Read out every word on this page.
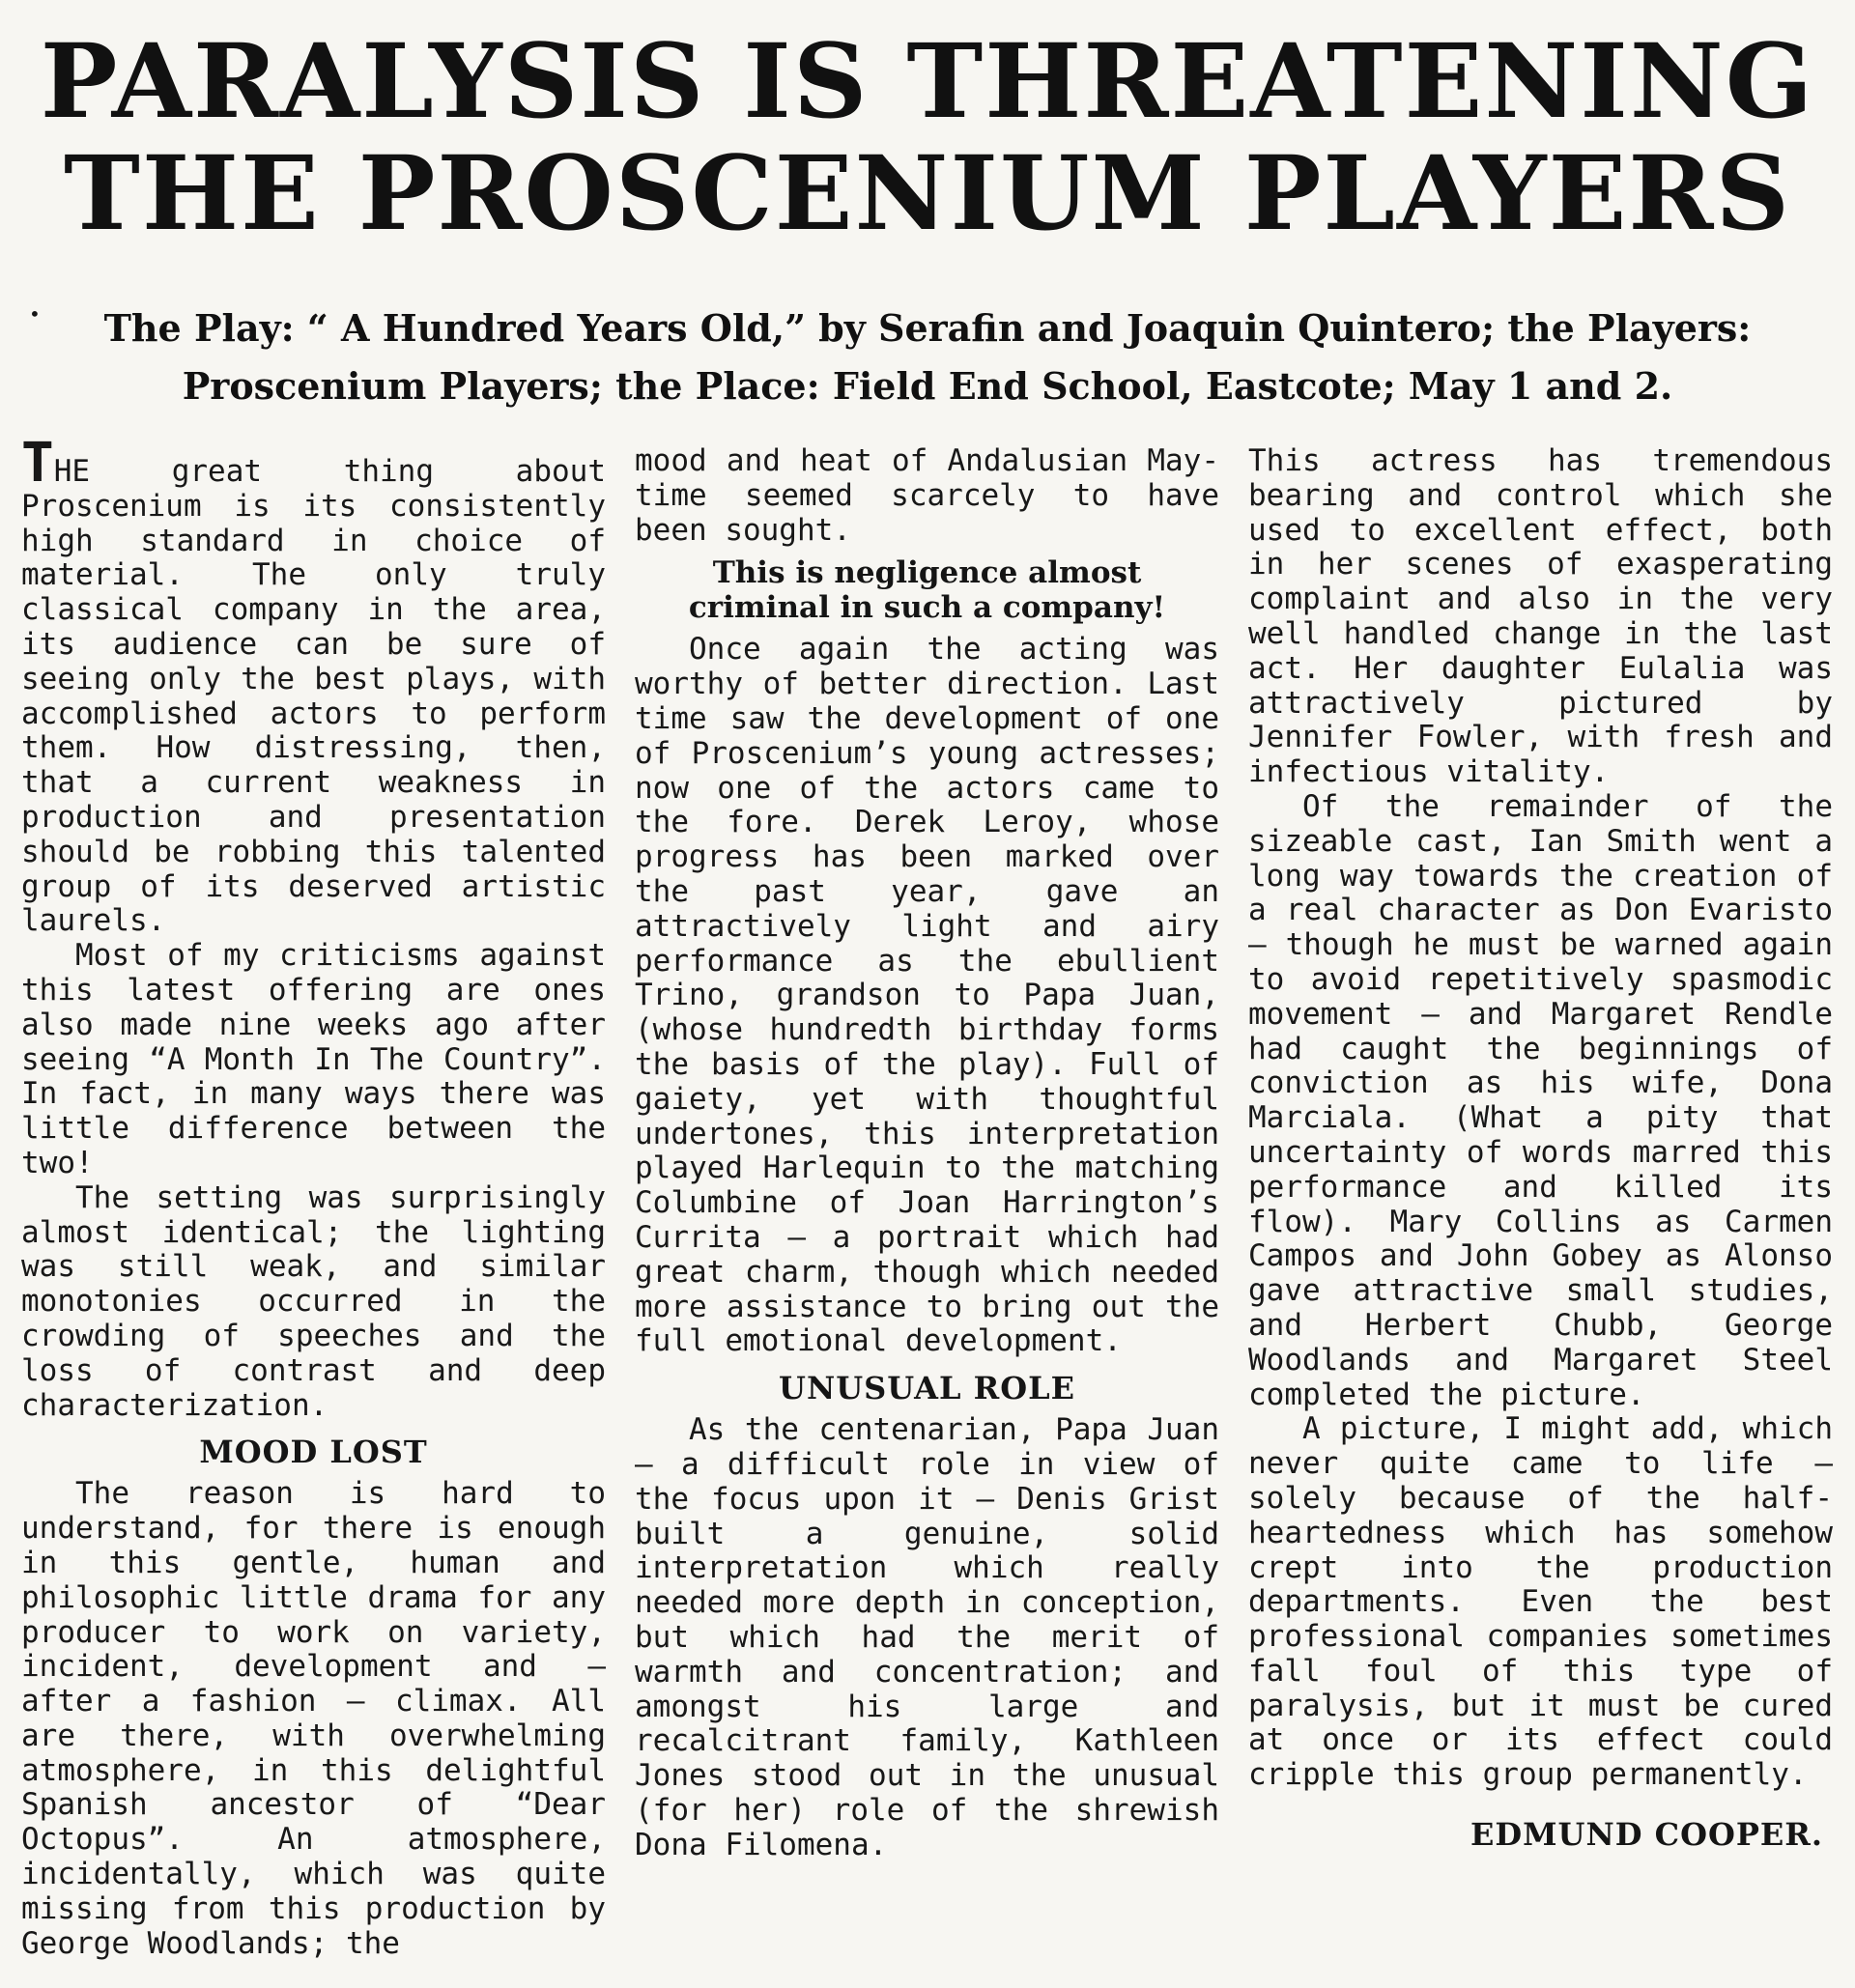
PARALYSIS IS THREATENING
THE PROSCENIUM PLAYERS
•	The Play: “ A Hundred Years Old,” by Serafin and Joaquin Quintero; the Players: Proscenium Players; the Place: Field End School, Eastcote; May 1 and 2.

THE great thing about Proscenium is its consistently high standard in choice of material. The only truly classical company in the area, its audience can be sure of seeing only the best plays, with accomplished actors to perform them. How distressing, then, that a current weakness in production and presentation should be robbing this talented group of its deserved artistic laurels.

Most of my criticisms against this latest offering are ones also made nine weeks ago after seeing “A Month In The Country”. In fact, in many ways there was little difference between the two!

The setting was surprisingly almost identical; the lighting was still weak, and similar monotonies occurred in the crowding of speeches and the loss of contrast and deep characterization.

MOOD LOST

The reason is hard to understand, for there is enough in this gentle, human and philosophic little drama for any producer to work on variety, incident, development and — after a fashion — climax. All are there, with overwhelming atmosphere, in this delightful Spanish ancestor of “Dear Octopus”. An atmosphere, incidentally, which was quite missing from this production by George Woodlands; the

mood and heat of Andalusian May-time seemed scarcely to have been sought.

This is negligence almost criminal in such a company!

Once again the acting was worthy of better direction. Last time saw the development of one of Proscenium’s young actresses; now one of the actors came to the fore. Derek Leroy, whose progress has been marked over the past year, gave an attractively light and airy performance as the ebullient Trino, grandson to Papa Juan, (whose hundredth birthday forms the basis of the play). Full of gaiety, yet with thoughtful undertones, this interpretation played Harlequin to the matching Columbine of Joan Harrington’s Currita — a portrait which had great charm, though which needed more assistance to bring out the full emotional development.

UNUSUAL ROLE

As the centenarian, Papa Juan — a difficult role in view of the focus upon it — Denis Grist built a genuine, solid interpretation which really needed more depth in conception, but which had the merit of warmth and concentration; and amongst his large and recalcitrant family, Kathleen Jones stood out in the unusual (for her) role of the shrewish Dona Filomena.

This actress has tremendous bearing and control which she used to excellent effect, both in her scenes of exasperating complaint and also in the very well handled change in the last act. Her daughter Eulalia was attractively pictured by Jennifer Fowler, with fresh and infectious vitality.

Of the remainder of the sizeable cast, Ian Smith went a long way towards the creation of a real character as Don Evaristo — though he must be warned again to avoid repetitively spasmodic movement — and Margaret Rendle had caught the beginnings of conviction as his wife, Dona Marciala. (What a pity that uncertainty of words marred this performance and killed its flow). Mary Collins as Carmen Campos and John Gobey as Alonso gave attractive small studies, and Herbert Chubb, George Woodlands and Margaret Steel completed the picture.

A picture, I might add, which never quite came to life — solely because of the half-heartedness which has somehow crept into the production departments. Even the best professional companies sometimes fall foul of this type of paralysis, but it must be cured at once or its effect could cripple this group permanently.

EDMUND COOPER.
